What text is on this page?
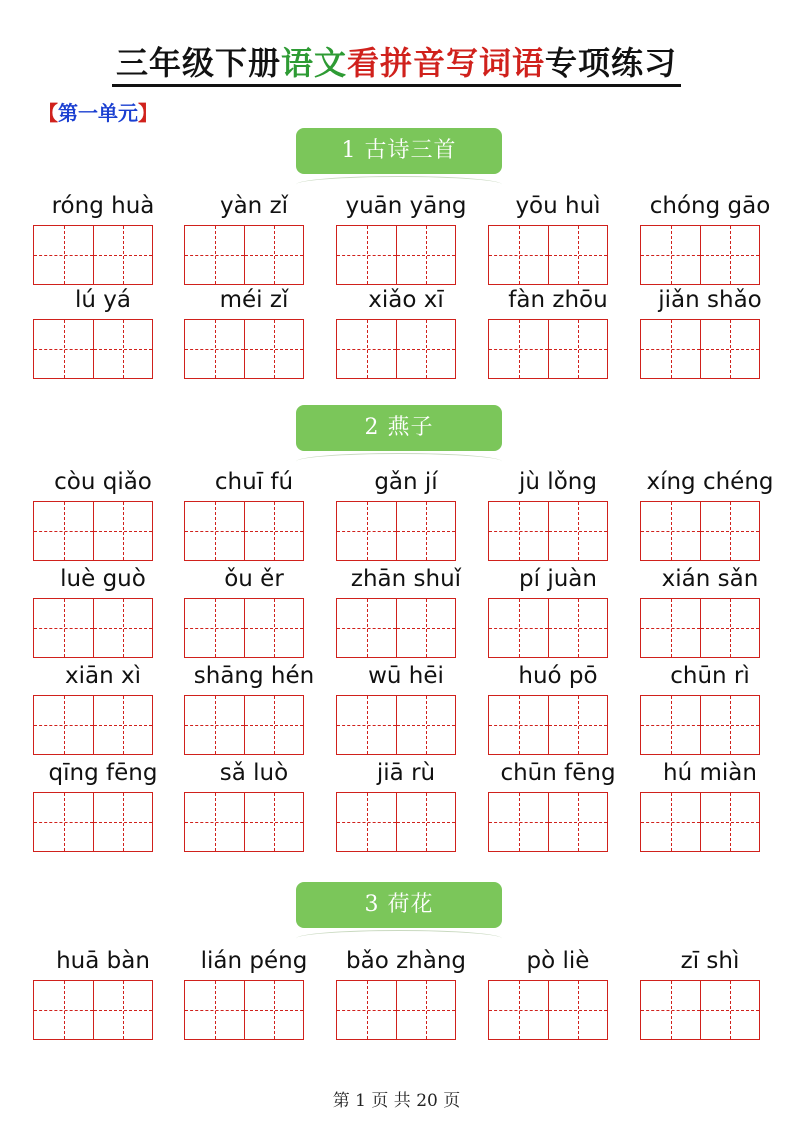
三年级下册语文看拼音写词语专项练习
【第一单元】
1 古诗三首
róng huà	yàn zǐ	yuān yāng	yōu huì	chóng gāo
lú yá	méi zǐ	xiǎo xī	fàn zhōu	jiǎn shǎo
2 燕子
còu qiǎo	chuī fú	gǎn jí	jù lǒng	xíng chéng
luè guò	ǒu ěr	zhān shuǐ	pí juàn	xián sǎn
xiān xì	shāng hén	wū hēi	huó pō	chūn rì
qīng fēng	sǎ luò	jiā rù	chūn fēng	hú miàn
3 荷花
huā bàn	lián péng	bǎo zhàng	pò liè	zī shì
第 1 页 共 20 页
